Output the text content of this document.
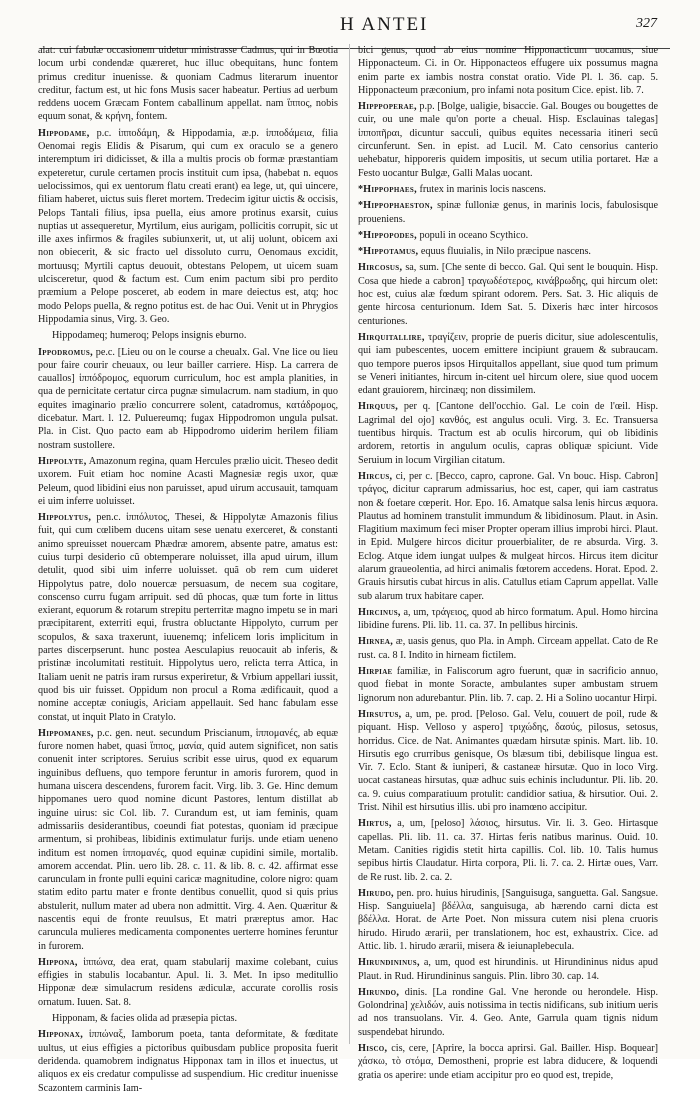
H ANTE I	327

alat: cui fabulæ occasionem uidetur ministrasse Cadmus, qui in Bœotia locum urbi condendæ quæreret, huc illuc obequitans, hunc fontem primus creditur inuenisse. & quoniam Cadmus literarum inuentor creditur, factum est, ut hic fons Musis sacer habeatur. Pertius ad uerbum reddens uocem Græcam Fontem caballinum appellat. nam ἵππος, nobis equum sonat, & κρήνη, fontem.

Hippodame, p.c. ἱπποδάμη, & Hippodamia, æ.p. ἱπποδάμεια, filia Oenomai regis Elidis & Pisarum, qui cum ex oraculo se a genero interemptum iri didicisset, & illa a multis procis ob formæ præstantiam expeteretur, curule certamen procis instituit cum ipsa, (habebat n. equos uelocissimos, qui ex uentorum flatu creati erant) ea lege, ut, qui uincere, filiam haberet, uictus suis fleret mortem. Tredecim igitur uictis & occisis, Pelops Tantali filius, ipsa puella, eius amore protinus exarsit, cuius nuptias ut assequeretur, Myrtilum, eius aurigam, pollicitis corrupit, sic ut ille axes infirmos & fragiles subiunxerit, ut, ut alij uolunt, obicem axi non obiecerit, & sic fracto uel dissoluto curru, Oenomaus excidit, mortuusq; Myrtili captus deuouit, obtestans Pelopem, ut uicem suam ulcisceretur, quod & factum est. Cum enim pactum sibi pro perdito præmium a Pelope posceret, ab eodem in mare deiectus est, atq; hoc modo Pelops puella, & regno potitus est. de hac Oui. Venit ut in Phrygios Hippodamia sinus, Virg. 3. Geo.

Hippodameq; humeroq; Pelops insignis eburno.

Ippodromus, pe.c. [Lieu ou on le course a cheualx. Gal. Vne lice ou lieu pour faire courir cheuaux, ou leur bailler carriere. Hisp. La carrera de cauallos] ἱππόδρομος, equorum curriculum, hoc est ampla planities, in qua de pernicitate certatur circa pugnæ simulacrum. nam stadium, in quo equites imaginario prælio concurrere solent, catadromus, κατάδρομος, dicebatur. Mart. l. 12. Puluereumq; fugax Hippodromon ungula pulsat. Pla. in Cist. Quo pacto eam ab Hippodromo uiderim herilem filiam nostram sustollere.

Hippolyte, Amazonum regina, quam Hercules prælio uicit. Theseo dedit uxorem. Fuit etiam hoc nomine Acasti Magnesiæ regis uxor, quæ Peleum, quod libidini eius non paruisset, apud uirum accusauit, tamquam ei uim inferre uoluisset.

Hippolytus, pen.c. ἱππόλυτος, Thesei, & Hippolytæ Amazonis filius fuit, qui cum cœlibem ducens uitam sese uenatu exerceret, & constanti animo spreuisset nouercam Phædræ amorem, absente patre, amatus est: cuius turpi desiderio cũ obtemperare noluisset, illa apud uirum, illum detulit, quod sibi uim inferre uoluisset. quã ob rem cum uideret Hippolytus patre, dolo nouercæ persuasum, de necem sua cogitare, conscenso curru fugam arripuit. sed dũ phocas, quæ tum forte in littus exierant, equorum & rotarum strepitu perterritæ magno impetu se in mari præcipitarent, exterriti equi, frustra obluctante Hippolyto, currum per scopulos, & saxa traxerunt, iuuenemq; infelicem loris implicitum in partes discerpserunt. hunc postea Aesculapius reuocauit ab inferis, & pristinæ incolumitati restituit. Hippolytus uero, relicta terra Attica, in Italiam uenit ne patris iram rursus experiretur, & Vrbium appellari iussit, quod bis uir fuisset. Oppidum non procul a Roma ædificauit, quod a nomine acceptæ coniugis, Ariciam appellauit. Sed hanc fabulam esse constat, ut inquit Plato in Cratylo.

Hippomanes, p.c. gen. neut. secundum Priscianum, ἱππομανές, ab equæ furore nomen habet, quasi ἵππος, μανία, quid autem significet, non satis conuenit inter scriptores. Seruius scribit esse uirus, quod ex equarum inguinibus defluens, quo tempore feruntur in amoris furorem, quod in humana uiscera descendens, furorem facit. Virg. lib. 3. Ge. Hinc demum hippomanes uero quod nomine dicunt Pastores, lentum distillat ab inguine uirus: sic Col. lib. 7. Curandum est, ut iam feminis, quam admissariis desiderantibus, coeundi fiat potestas, quoniam id præcipue armentum, si prohibeas, libidinis extimulatur furijs. unde etiam ueneno inditum est nomen ἱππομανές, quod equinæ cupidini simile, mortalib. amorem accendat. Plin. uero lib. 28. c. 11. & lib. 8. c. 42. affirmat esse carunculam in fronte pulli equini caricæ magnitudine, colore nigro: quam statim edito partu mater e fronte dentibus conuellit, quod si quis prius abstulerit, nullum mater ad ubera non admittit. Virg. 4. Aen. Quæritur & nascentis equi de fronte reuulsus, Et matri præreptus amor. Hac caruncula mulieres medicamenta componentes uerterre homines feruntur in furorem.

Hippona, ἱππώνα, dea erat, quam stabularij maxime colebant, cuius effigies in stabulis locabantur. Apul. li. 3. Met. In ipso meditullio Hipponæ deæ simulacrum residens ædiculæ, accurate corollis rosis ornatum. Iuuen. Sat. 8.

Hipponam, & facies olida ad præsepia pictas.

Hipponax, ἱππώναξ, Iamborum poeta, tanta deformitate, & fœditate uultus, ut eius effigies a pictoribus quibusdam publice proposita fuerit deridenda. quamobrem indignatus Hipponax tam in illos et inuectus, ut aliquos ex eis credatur compulisse ad suspendium. Hic creditur inuenisse Scazontem carminis Iam-

bici genus, quod ab eius nomine Hipponacticum uocamus, siue Hipponacteum. Ci. in Or. Hipponacteos effugere uix possumus magna enim parte ex iambis nostra constat oratio. Vide Pl. l. 36. cap. 5. Hipponacteum præconium, pro infami nota positum Cice. epist. lib. 7.

Hipppoperae, p.p. [Bolge, ualigie, bisaccie. Gal. Bouges ou bougettes de cuir, ou une male qu'on porte a cheual. Hisp. Esclauinas talegas] ἱπποπῆραι, dicuntur sacculi, quibus equites necessaria itineri secũ circunferunt. Sen. in epist. ad Lucil. M. Cato censorius canterio uehebatur, hipporeris quidem impositis, ut secum utilia portaret. Hæ a Festo uocantur Bulgæ, Galli Malas uocant.

*Hippophaes, frutex in marinis locis nascens.

*Hippophaeston, spinæ fulloniæ genus, in marinis locis, fabulosisque proueniens.

*Hippopodes, populi in oceano Scythico.

*Hippotamus, equus fluuialis, in Nilo præcipue nascens.

Hircosus, sa, sum. [Che sente di becco. Gal. Qui sent le bouquin. Hisp. Cosa que hiede a cabron] τραγωδέστερος, κινάβρωδης, qui hircum olet: hoc est, cuius alæ fœdum spirant odorem. Pers. Sat. 3. Hic aliquis de gente hircosa centurionum. Idem Sat. 5. Dixeris hæc inter hircosos centuriones.

Hirquitallire, τραγίζειν, proprie de pueris dicitur, siue adolescentulis, qui iam pubescentes, uocem emittere incipiunt grauem & subraucam. quo tempore pueros ipsos Hirquitallos appellant, siue quod tum primum se Veneri initiantes, hircum in-citent uel hircum olere, siue quod uocem edant grauiorem, hircinæq; non dissimilem.

Hirquus, per q. [Cantone dell'occhio. Gal. Le coin de l'œil. Hisp. Lagrimal del ojo] κανθός, est angulus oculi. Virg. 3. Ec. Transuersa tuentibus hirquis. Tractum est ab oculis hircorum, qui ob libidinis ardorem, retortis in angulum oculis, capras obliquæ spiciunt. Vide Seruium in locum Virgilian citatum.

Hircus, ci, per c. [Becco, capro, caprone. Gal. Vn bouc. Hisp. Cabron] τράγος, dicitur caprarum admissarius, hoc est, caper, qui iam castratus non & foetare cœperit. Hor. Epo. 16. Amatque salsa lenis hircus æquora. Plautus ad hominem transtulit immundum & libidinosum. Plaut. in Asin. Flagitium maximum feci miser Propter operam illius improbi hirci. Plaut. in Epid. Mulgere hircos dicitur prouerbialiter, de re absurda. Virg. 3. Eclog. Atque idem iungat uulpes & mulgeat hircos. Hircus item dicitur alarum graueolentia, ad hirci animalis fœtorem accedens. Horat. Epod. 2. Grauis hirsutis cubat hircus in alis. Catullus etiam Caprum appellat. Valle sub alarum trux habitare caper.

Hircinus, a, um, τράγειος, quod ab hirco formatum. Apul. Homo hircina libidine furens. Pli. lib. 11. ca. 37. In pellibus hircinis.

Hirnea, æ, uasis genus, quo Pla. in Amph. Circeam appellat. Cato de Re rust. ca. 8 I. Indito in hirneam fictilem.

Hirpiae familiæ, in Faliscorum agro fuerunt, quæ in sacrificio annuo, quod fiebat in monte Soracte, ambulantes super ambustam struem lignorum non adurebantur. Plin. lib. 7. cap. 2. Hi a Solino uocantur Hirpi.

Hirsutus, a, um, pe. prod. [Peloso. Gal. Velu, couuert de poil, rude & piquant. Hisp. Velloso y aspero] τριχώδης, δασύς, pilosus, setosus, horridus. Cice. de Nat. Animantes quædam hirsutæ spinis. Mart. lib. 10. Hirsutis ego crurribus genisque, Os blæsum tibi, debilisque lingua est. Vir. 7. Eclo. Stant & iuniperi, & castaneæ hirsutæ. Quo in loco Virg. uocat castaneas hirsutas, quæ adhuc suis echinis includuntur. Pli. lib. 20. ca. 9. cuius comparatiuum protulit: candidior satiua, & hirsutior. Oui. 2. Trist. Nihil est hirsutius illis. ubi pro inamœno accipitur.

Hirtus, a, um, [peloso] λάσιος, hirsutus. Vir. li. 3. Geo. Hirtasque capellas. Pli. lib. 11. ca. 37. Hirtas feris natibus marinus. Ouid. 10. Metam. Canities rigidis stetit hirta capillis. Col. lib. 10. Talis humus sepibus hirtis Claudatur. Hirta corpora, Pli. li. 7. ca. 2. Hirtæ oues, Varr. de Re rust. lib. 2. ca. 2.

Hirudo, pen. pro. huius hirudinis, [Sanguisuga, sanguetta. Gal. Sangsue. Hisp. Sanguiuela] βδέλλα, sanguisuga, ab hærendo carni dicta est βδέλλα. Horat. de Arte Poet. Non missura cutem nisi plena cruoris hirudo. Hirudo ærarii, per translationem, hoc est, exhaustrix. Cice. ad Attic. lib. 1. hirudo ærarii, misera & ieiunaplebecula.

Hirundininus, a, um, quod est hirundinis. ut Hirundininus nidus apud Plaut. in Rud. Hirundininus sanguis. Plin. libro 30. cap. 14.

Hirundo, dinis. [La rondine Gal. Vne heronde ou herondele. Hisp. Golondrina] χελιδών, auis notissima in tectis nidificans, sub initium ueris ad nos transuolans. Vir. 4. Geo. Ante, Garrula quam tignis nidum suspendebat hirundo.

Hisco, cis, cere, [Aprire, la bocca aprirsi. Gal. Bailler. Hisp. Boquear] χάσκω, τὸ στόμα, Demostheni, proprie est labra diducere, & loquendi gratia os aperire: unde etiam accipitur pro eo quod est, trepide,
